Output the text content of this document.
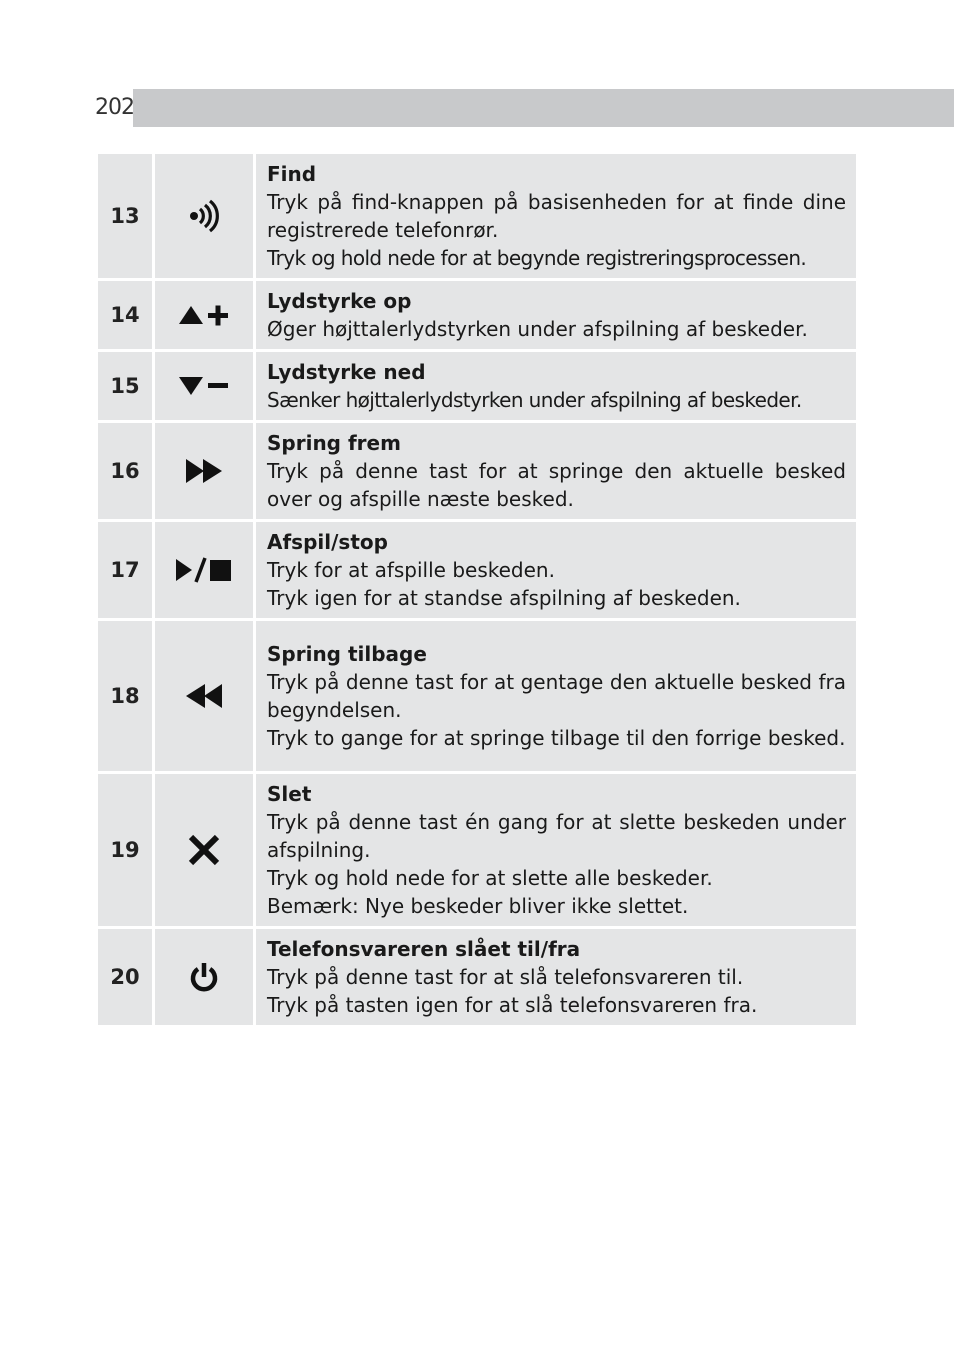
202
13		Find
Tryk på find-knappen på basisenheden for at finde dine registrerede telefonrør.
Tryk og hold nede for at begynde registreringsprocessen.

14		Lydstyrke op
Øger højttalerlydstyrken under afspilning af beskeder.

15		Lydstyrke ned
Sænker højttalerlydstyrken under afspilning af beskeder.

16		Spring frem
Tryk på denne tast for at springe den aktuelle besked over og afspille næste besked.

17		Afspil/stop
Tryk for at afspille beskeden.
Tryk igen for at standse afspilning af beskeden.

18		Spring tilbage
Tryk på denne tast for at gentage den aktuelle besked fra begyndelsen.
Tryk to gange for at springe tilbage til den forrige besked.

19		Slet
Tryk på denne tast én gang for at slette beskeden under afspilning.
Tryk og hold nede for at slette alle beskeder.
Bemærk: Nye beskeder bliver ikke slettet.

20		Telefonsvareren slået til/fra
Tryk på denne tast for at slå telefonsvareren til.
Tryk på tasten igen for at slå telefonsvareren fra.
